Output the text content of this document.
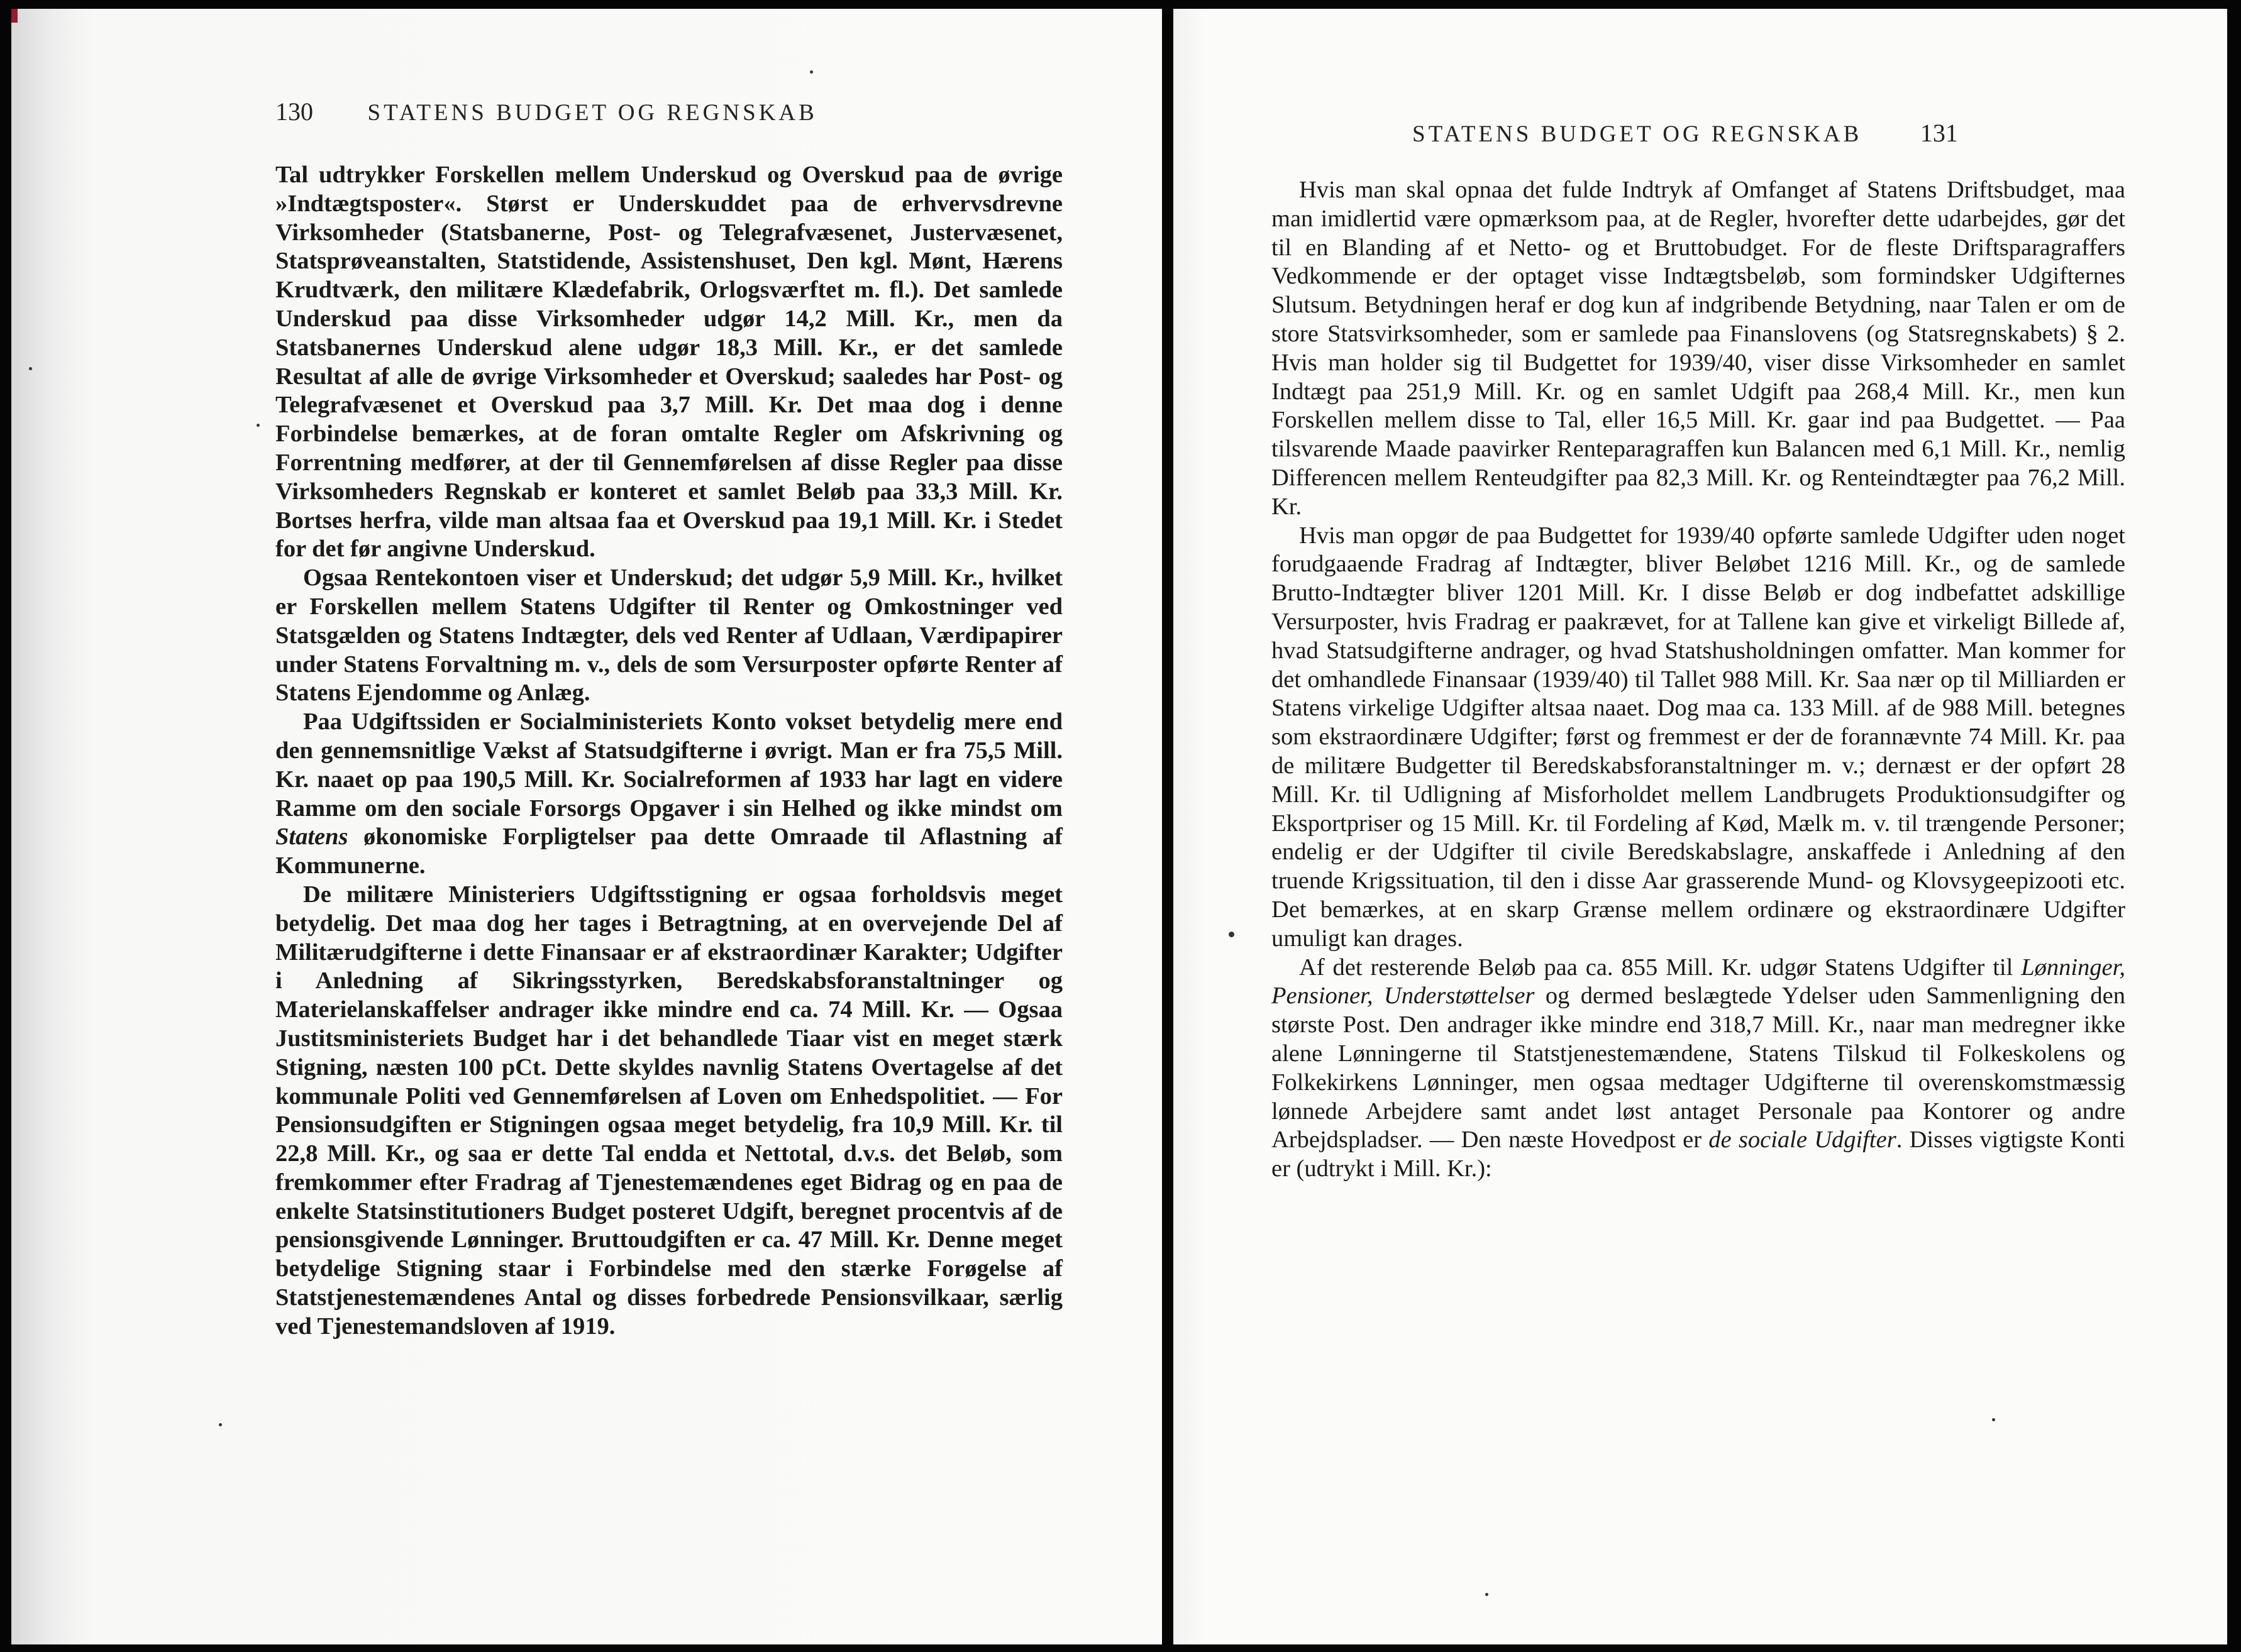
130 STATENS BUDGET OG REGNSKAB

Tal udtrykker Forskellen mellem Underskud og Overskud paa de øvrige »Indtægtsposter«. Størst er Underskuddet paa de erhvervsdrevne Virksomheder (Statsbanerne, Post- og Telegrafvæsenet, Justervæsenet, Statsprøveanstalten, Statstidende, Assistenshuset, Den kgl. Mønt, Hærens Krudtværk, den militære Klædefabrik, Orlogsværftet m. fl.). Det samlede Underskud paa disse Virksomheder udgør 14,2 Mill. Kr., men da Statsbanernes Underskud alene udgør 18,3 Mill. Kr., er det samlede Resultat af alle de øvrige Virksomheder et Overskud; saaledes har Post- og Telegrafvæsenet et Overskud paa 3,7 Mill. Kr. Det maa dog i denne Forbindelse bemærkes, at de foran omtalte Regler om Afskrivning og Forrentning medfører, at der til Gennemførelsen af disse Regler paa disse Virksomheders Regnskab er konteret et samlet Beløb paa 33,3 Mill. Kr. Bortses herfra, vilde man altsaa faa et Overskud paa 19,1 Mill. Kr. i Stedet for det før angivne Underskud.

Ogsaa Rentekontoen viser et Underskud; det udgør 5,9 Mill. Kr., hvilket er Forskellen mellem Statens Udgifter til Renter og Omkostninger ved Statsgælden og Statens Indtægter, dels ved Renter af Udlaan, Værdipapirer under Statens Forvaltning m. v., dels de som Versurposter opførte Renter af Statens Ejendomme og Anlæg.

Paa Udgiftssiden er Socialministeriets Konto vokset betydelig mere end den gennemsnitlige Vækst af Statsudgifterne i øvrigt. Man er fra 75,5 Mill. Kr. naaet op paa 190,5 Mill. Kr. Socialreformen af 1933 har lagt en videre Ramme om den sociale Forsorgs Opgaver i sin Helhed og ikke mindst om Statens økonomiske Forpligtelser paa dette Omraade til Aflastning af Kommunerne.

De militære Ministeriers Udgiftsstigning er ogsaa forholdsvis meget betydelig. Det maa dog her tages i Betragtning, at en overvejende Del af Militærudgifterne i dette Finansaar er af ekstraordinær Karakter; Udgifter i Anledning af Sikringsstyrken, Beredskabsforanstaltninger og Materielanskaffelser andrager ikke mindre end ca. 74 Mill. Kr. — Ogsaa Justitsministeriets Budget har i det behandlede Tiaar vist en meget stærk Stigning, næsten 100 pCt. Dette skyldes navnlig Statens Overtagelse af det kommunale Politi ved Gennemførelsen af Loven om Enhedspolitiet. — For Pensionsudgiften er Stigningen ogsaa meget betydelig, fra 10,9 Mill. Kr. til 22,8 Mill. Kr., og saa er dette Tal endda et Nettotal, d.v.s. det Beløb, som fremkommer efter Fradrag af Tjenestemændenes eget Bidrag og en paa de enkelte Statsinstitutioners Budget posteret Udgift, beregnet procentvis af de pensionsgivende Lønninger. Bruttoudgiften er ca. 47 Mill. Kr. Denne meget betydelige Stigning staar i Forbindelse med den stærke Forøgelse af Statstjenestemændenes Antal og disses forbedrede Pensionsvilkaar, særlig ved Tjenestemandsloven af 1919.

STATENS BUDGET OG REGNSKAB 131

Hvis man skal opnaa det fulde Indtryk af Omfanget af Statens Driftsbudget, maa man imidlertid være opmærksom paa, at de Regler, hvorefter dette udarbejdes, gør det til en Blanding af et Netto- og et Bruttobudget. For de fleste Driftsparagraffers Vedkommende er der optaget visse Indtægtsbeløb, som formindsker Udgifternes Slutsum. Betydningen heraf er dog kun af indgribende Betydning, naar Talen er om de store Statsvirksomheder, som er samlede paa Finanslovens (og Statsregnskabets) § 2. Hvis man holder sig til Budgettet for 1939/40, viser disse Virksomheder en samlet Indtægt paa 251,9 Mill. Kr. og en samlet Udgift paa 268,4 Mill. Kr., men kun Forskellen mellem disse to Tal, eller 16,5 Mill. Kr. gaar ind paa Budgettet. — Paa tilsvarende Maade paavirker Renteparagraffen kun Balancen med 6,1 Mill. Kr., nemlig Differencen mellem Renteudgifter paa 82,3 Mill. Kr. og Renteindtægter paa 76,2 Mill. Kr.

Hvis man opgør de paa Budgettet for 1939/40 opførte samlede Udgifter uden noget forudgaaende Fradrag af Indtægter, bliver Beløbet 1216 Mill. Kr., og de samlede Brutto-Indtægter bliver 1201 Mill. Kr. I disse Beløb er dog indbefattet adskillige Versurposter, hvis Fradrag er paakrævet, for at Tallene kan give et virkeligt Billede af, hvad Statsudgifterne andrager, og hvad Statshusholdningen omfatter. Man kommer for det omhandlede Finansaar (1939/40) til Tallet 988 Mill. Kr. Saa nær op til Milliarden er Statens virkelige Udgifter altsaa naaet. Dog maa ca. 133 Mill. af de 988 Mill. betegnes som ekstraordinære Udgifter; først og fremmest er der de forannævnte 74 Mill. Kr. paa de militære Budgetter til Beredskabsforanstaltninger m. v.; dernæst er der opført 28 Mill. Kr. til Udligning af Misforholdet mellem Landbrugets Produktionsudgifter og Eksportpriser og 15 Mill. Kr. til Fordeling af Kød, Mælk m. v. til trængende Personer; endelig er der Udgifter til civile Beredskabslagre, anskaffede i Anledning af den truende Krigssituation, til den i disse Aar grasserende Mund- og Klovsygeepizooti etc. Det bemærkes, at en skarp Grænse mellem ordinære og ekstraordinære Udgifter umuligt kan drages.

Af det resterende Beløb paa ca. 855 Mill. Kr. udgør Statens Udgifter til Lønninger, Pensioner, Understøttelser og dermed beslægtede Ydelser uden Sammenligning den største Post. Den andrager ikke mindre end 318,7 Mill. Kr., naar man medregner ikke alene Lønningerne til Statstjenestemændene, Statens Tilskud til Folkeskolens og Folkekirkens Lønninger, men ogsaa medtager Udgifterne til overenskomstmæssig lønnede Arbejdere samt andet løst antaget Personale paa Kontorer og andre Arbejdspladser. — Den næste Hovedpost er de sociale Udgifter. Disses vigtigste Konti er (udtrykt i Mill. Kr.):
